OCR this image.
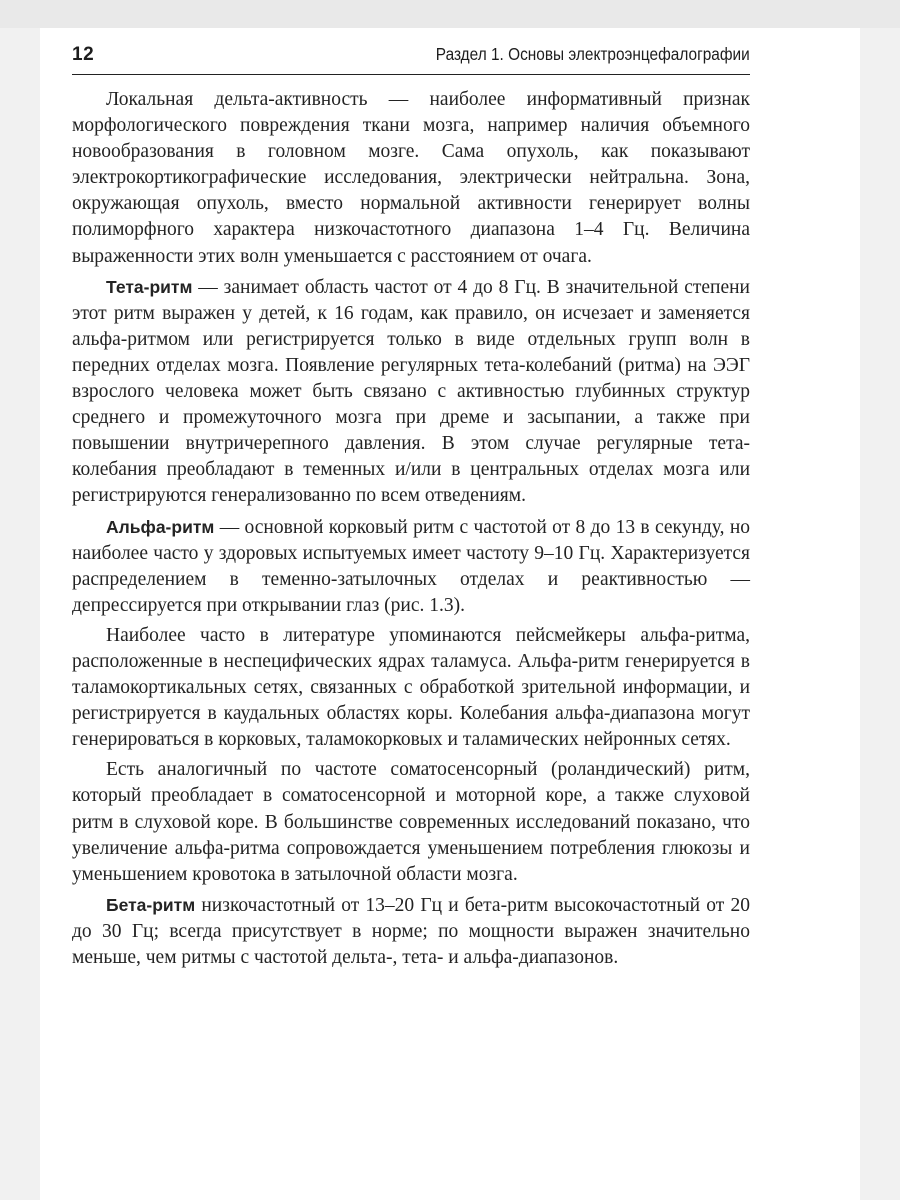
12	Раздел 1. Основы электроэнцефалографии

Локальная дельта-активность — наиболее информативный признак морфологического повреждения ткани мозга, например наличия объемного новообразования в головном мозге. Сама опухоль, как показывают электрокортикографические исследования, электрически нейтральна. Зона, окружающая опухоль, вместо нормальной активности генерирует волны полиморфного характера низкочастотного диапазона 1–4 Гц. Величина выраженности этих волн уменьшается с расстоянием от очага.

Тета-ритм — занимает область частот от 4 до 8 Гц. В значительной степени этот ритм выражен у детей, к 16 годам, как правило, он исчезает и заменяется альфа-ритмом или регистрируется только в виде отдельных групп волн в передних отделах мозга. Появление регулярных тета-колебаний (ритма) на ЭЭГ взрослого человека может быть связано с активностью глубинных структур среднего и промежуточного мозга при дреме и засыпании, а также при повышении внутричерепного давления. В этом случае регулярные тета-колебания преобладают в теменных и/или в центральных отделах мозга или регистрируются генерализованно по всем отведениям.

Альфа-ритм — основной корковый ритм с частотой от 8 до 13 в секунду, но наиболее часто у здоровых испытуемых имеет частоту 9–10 Гц. Характеризуется распределением в теменно-затылочных отделах и реактивностью — депрессируется при открывании глаз (рис. 1.3).

Наиболее часто в литературе упоминаются пейсмейкеры альфа-ритма, расположенные в неспецифических ядрах таламуса. Альфа-ритм генерируется в таламокортикальных сетях, связанных с обработкой зрительной информации, и регистрируется в каудальных областях коры. Колебания альфа-диапазона могут генерироваться в корковых, таламокорковых и таламических нейронных сетях.

Есть аналогичный по частоте соматосенсорный (роландический) ритм, который преобладает в соматосенсорной и моторной коре, а также слуховой ритм в слуховой коре. В большинстве современных исследований показано, что увеличение альфа-ритма сопровождается уменьшением потребления глюкозы и уменьшением кровотока в затылочной области мозга.

Бета-ритм низкочастотный от 13–20 Гц и бета-ритм высокочастотный от 20 до 30 Гц; всегда присутствует в норме; по мощности выражен значительно меньше, чем ритмы с частотой дельта-, тета- и альфа-диапазонов.
